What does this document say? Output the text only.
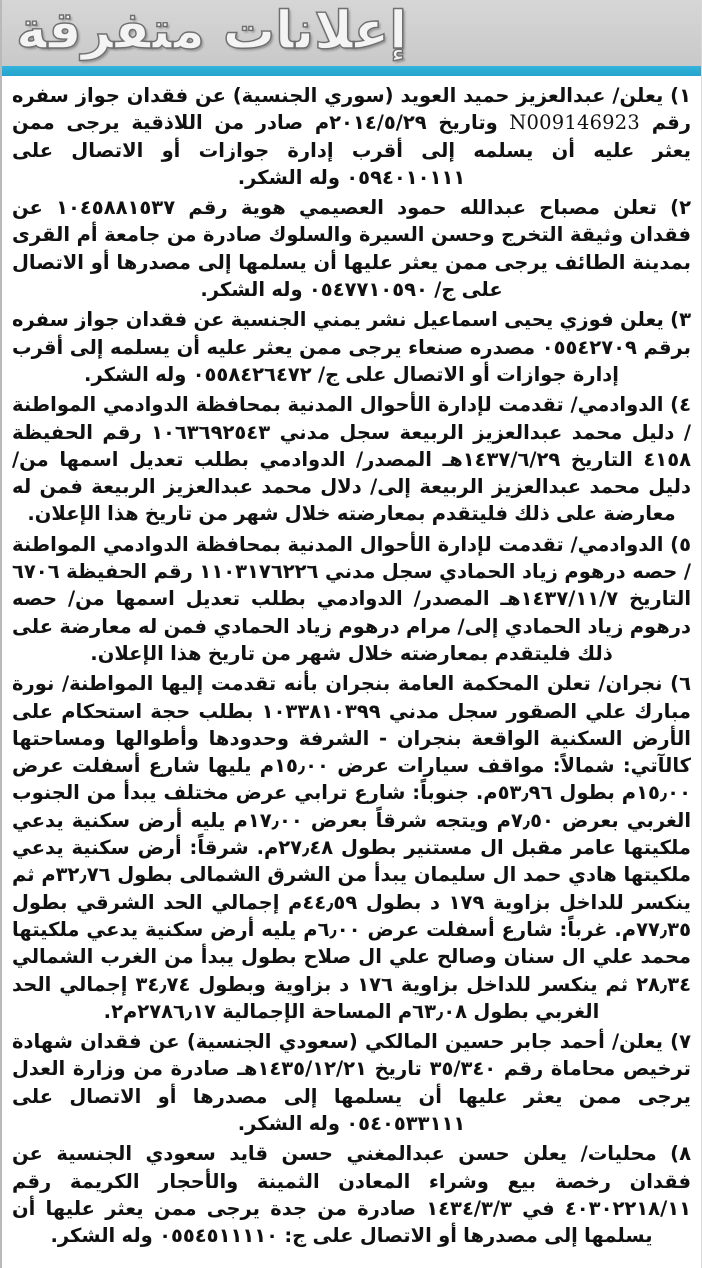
إعلانات متفرقة

١) يعلن/ عبدالعزيز حميد العويد (سوري الجنسية) عن فقدان جواز سفره رقم N009146923 وتاريخ ٢٠١٤/٥/٢٩م صادر من اللاذقية يرجى ممن يعثر عليه أن يسلمه إلى أقرب إدارة جوازات أو الاتصال على ٠٥٩٤٠١٠١١١ وله الشكر.

٢) تعلن مصباح عبدالله حمود العصيمي هوية رقم ١٠٤٥٨٨١٥٣٧ عن فقدان وثيقة التخرج وحسن السيرة والسلوك صادرة من جامعة أم القرى بمدينة الطائف يرجى ممن يعثر عليها أن يسلمها إلى مصدرها أو الاتصال على ج/ ٠٥٤٧٧١٠٥٩٠ وله الشكر.

٣) يعلن فوزي يحيى اسماعيل نشر يمني الجنسية عن فقدان جواز سفره برقم ٠٥٥٤٢٧٠٩ مصدره صنعاء يرجى ممن يعثر عليه أن يسلمه إلى أقرب إدارة جوازات أو الاتصال على ج/ ٠٥٥٨٤٢٦٤٧٢ وله الشكر.

٤) الدوادمي/ تقدمت لإدارة الأحوال المدنية بمحافظة الدوادمي المواطنة / دليل محمد عبدالعزيز الربيعة سجل مدني ١٠٦٣٦٩٢٥٤٣ رقم الحفيظة ٤١٥٨ التاريخ ١٤٣٧/٦/٢٩هـ المصدر/ الدوادمي بطلب تعديل اسمها من/ دليل محمد عبدالعزيز الربيعة إلى/ دلال محمد عبدالعزيز الربيعة فمن له معارضة على ذلك فليتقدم بمعارضته خلال شهر من تاريخ هذا الإعلان.

٥) الدوادمي/ تقدمت لإدارة الأحوال المدنية بمحافظة الدوادمي المواطنة / حصه درهوم زياد الحمادي سجل مدني ١١٠٣١٧٦٢٢٦ رقم الحفيظة ٦٧٠٦ التاريخ ١٤٣٧/١١/٧هـ المصدر/ الدوادمي بطلب تعديل اسمها من/ حصه درهوم زياد الحمادي إلى/ مرام درهوم زياد الحمادي فمن له معارضة على ذلك فليتقدم بمعارضته خلال شهر من تاريخ هذا الإعلان.

٦) نجران/ تعلن المحكمة العامة بنجران بأنه تقدمت إليها المواطنة/ نورة مبارك علي الصقور سجل مدني ١٠٣٣٨١٠٣٩٩ بطلب حجة استحكام على الأرض السكنية الواقعة بنجران - الشرفة وحدودها وأطوالها ومساحتها كالآتي: شمالاً: مواقف سيارات عرض ١٥٫٠٠م يليها شارع أسفلت عرض ١٥٫٠٠م بطول ٥٣٫٩٦م. جنوباً: شارع ترابي عرض مختلف يبدأ من الجنوب الغربي بعرض ٧٫٥٠م ويتجه شرقاً بعرض ١٧٫٠٠م يليه أرض سكنية يدعي ملكيتها عامر مقبل ال مستنير بطول ٢٧٫٤٨م. شرقاً: أرض سكنية يدعي ملكيتها هادي حمد ال سليمان يبدأ من الشرق الشمالى بطول ٣٢٫٧٦م ثم ينكسر للداخل بزاوية ١٧٩ د بطول ٤٤٫٥٩م إجمالي الحد الشرقي بطول ٧٧٫٣٥م. غرباً: شارع أسفلت عرض ٦٫٠٠م يليه أرض سكنية يدعي ملكيتها محمد علي ال سنان وصالح علي ال صلاح بطول يبدأ من الغرب الشمالي ٢٨٫٣٤ ثم ينكسر للداخل بزاوية ١٧٦ د بزاوية وبطول ٣٤٫٧٤ إجمالي الحد الغربي بطول ٦٣٫٠٨م المساحة الإجمالية ٢٧٨٦٫١٧م٢.

٧) يعلن/ أحمد جابر حسين المالكي (سعودي الجنسية) عن فقدان شهادة ترخيص محاماة رقم ٣٥/٣٤٠ تاريخ ١٤٣٥/١٢/٢١هـ صادرة من وزارة العدل يرجى ممن يعثر عليها أن يسلمها إلى مصدرها أو الاتصال على ٠٥٤٠٥٣٣١١١ وله الشكر.

٨) محليات/ يعلن حسن عبدالمغني حسن قايد سعودي الجنسية عن فقدان رخصة بيع وشراء المعادن الثمينة والأحجار الكريمة رقم ٤٠٣٠٢٢١٨/١١ في ١٤٣٤/٣/٣ صادرة من جدة يرجى ممن يعثر عليها أن يسلمها إلى مصدرها أو الاتصال على ج: ٠٥٥٤٥١١١١٠ وله الشكر.
